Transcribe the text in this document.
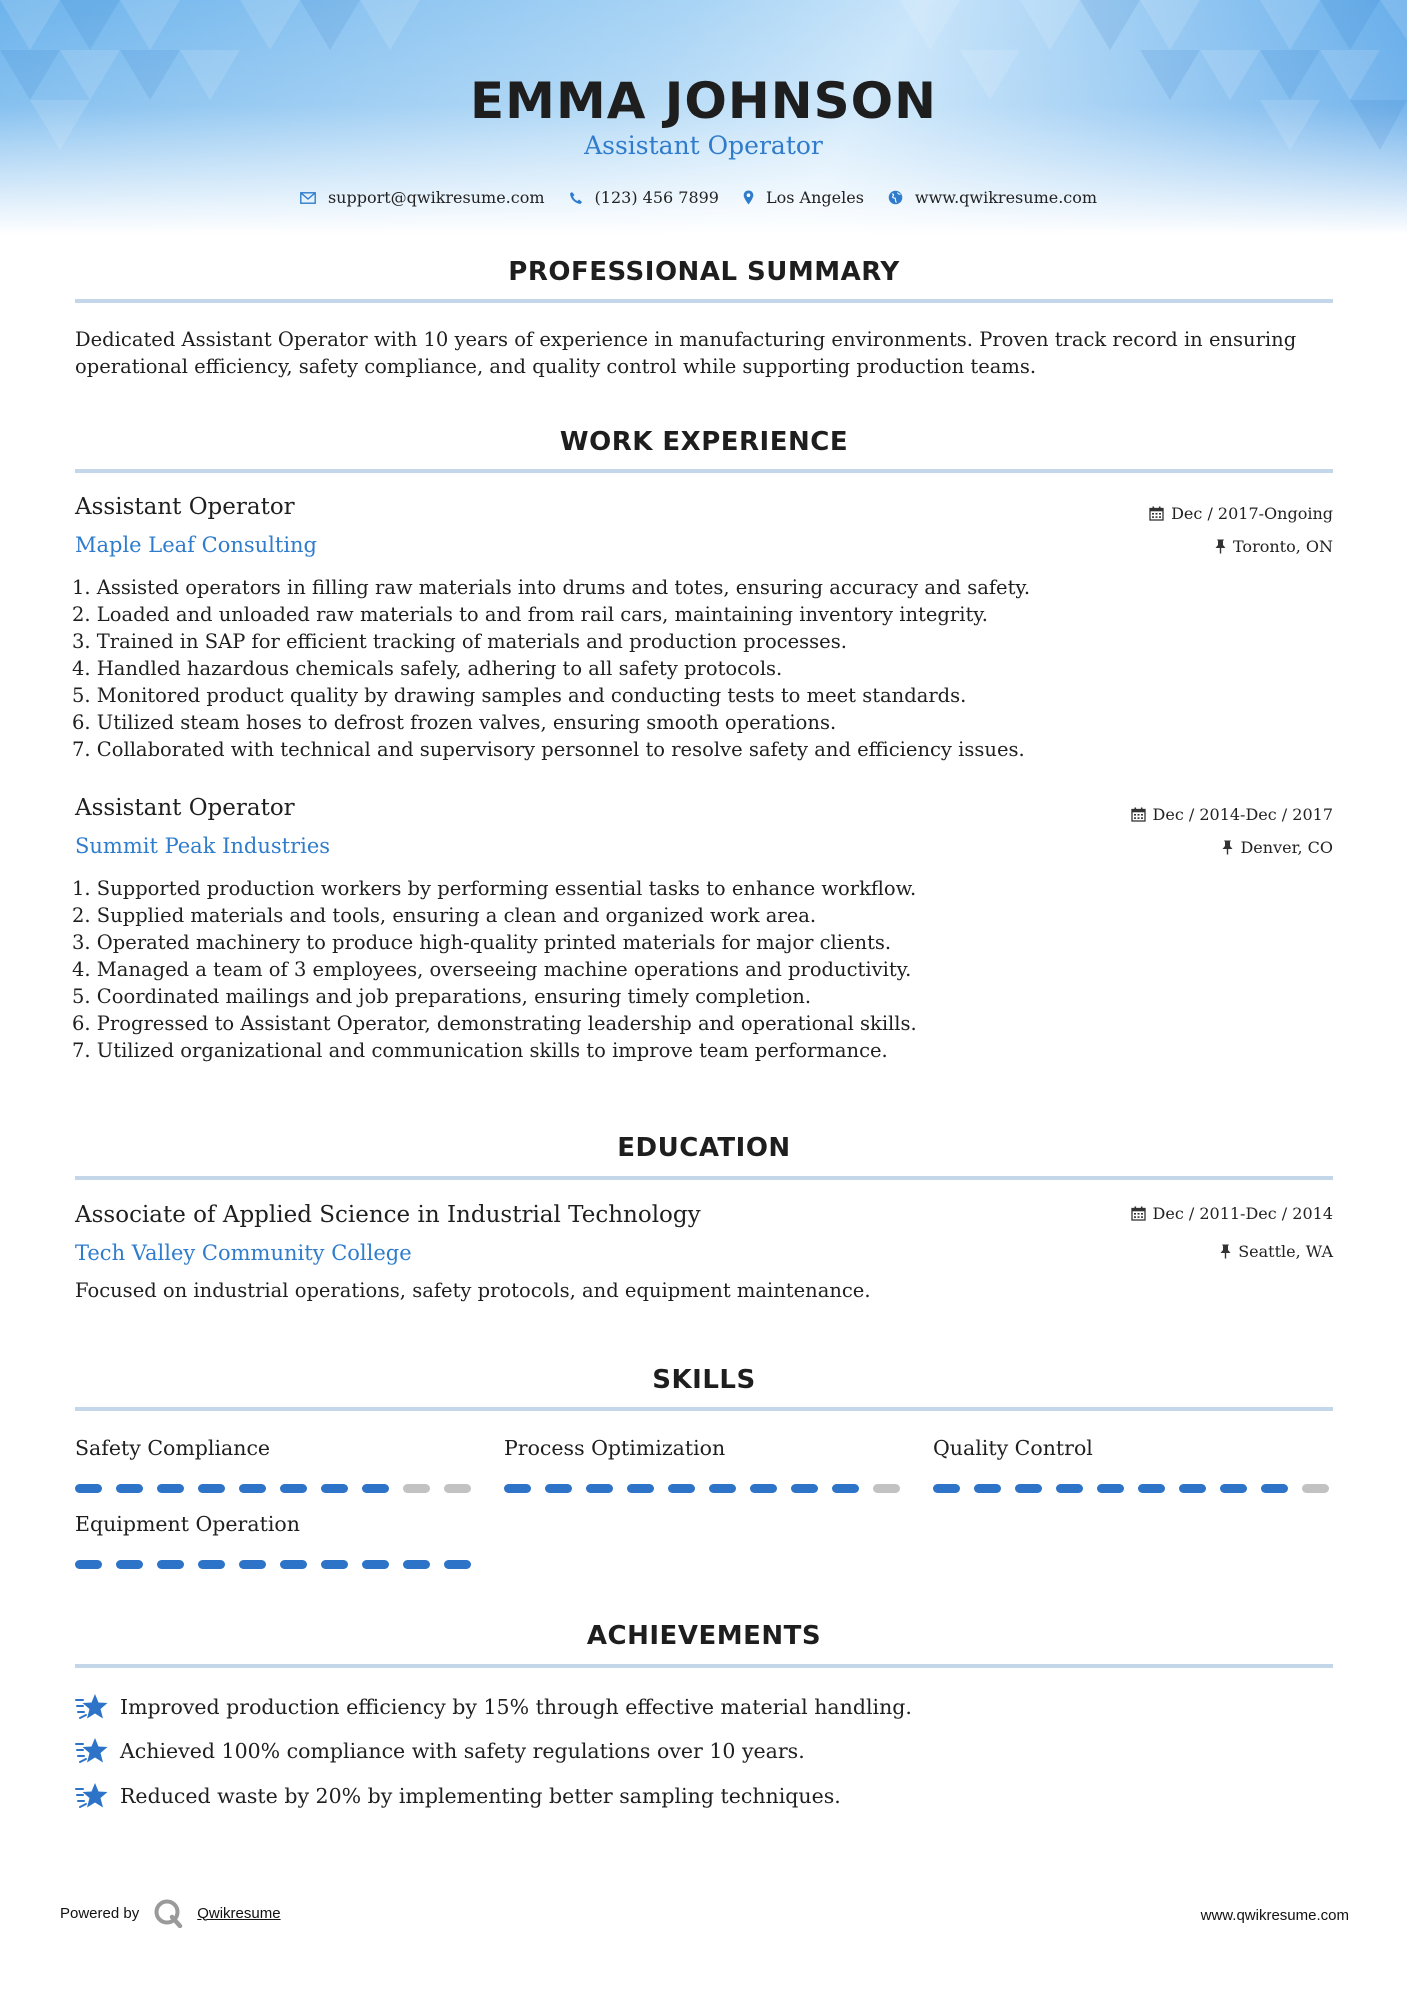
EMMA JOHNSON
Assistant Operator
support@qwikresume.com	(123) 456 7899	Los Angeles	www.qwikresume.com
PROFESSIONAL SUMMARY
Dedicated Assistant Operator with 10 years of experience in manufacturing environments. Proven track record in ensuring operational efficiency, safety compliance, and quality control while supporting production teams.
WORK EXPERIENCE
Assistant Operator
Maple Leaf Consulting
Dec / 2017-Ongoing
Toronto, ON
1. Assisted operators in filling raw materials into drums and totes, ensuring accuracy and safety.
2. Loaded and unloaded raw materials to and from rail cars, maintaining inventory integrity.
3. Trained in SAP for efficient tracking of materials and production processes.
4. Handled hazardous chemicals safely, adhering to all safety protocols.
5. Monitored product quality by drawing samples and conducting tests to meet standards.
6. Utilized steam hoses to defrost frozen valves, ensuring smooth operations.
7. Collaborated with technical and supervisory personnel to resolve safety and efficiency issues.
Assistant Operator
Summit Peak Industries
Dec / 2014-Dec / 2017
Denver, CO
1. Supported production workers by performing essential tasks to enhance workflow.
2. Supplied materials and tools, ensuring a clean and organized work area.
3. Operated machinery to produce high-quality printed materials for major clients.
4. Managed a team of 3 employees, overseeing machine operations and productivity.
5. Coordinated mailings and job preparations, ensuring timely completion.
6. Progressed to Assistant Operator, demonstrating leadership and operational skills.
7. Utilized organizational and communication skills to improve team performance.
EDUCATION
Associate of Applied Science in Industrial Technology
Tech Valley Community College
Dec / 2011-Dec / 2014
Seattle, WA
Focused on industrial operations, safety protocols, and equipment maintenance.
SKILLS
Safety Compliance	Process Optimization	Quality Control
Equipment Operation
ACHIEVEMENTS
Improved production efficiency by 15% through effective material handling.
Achieved 100% compliance with safety regulations over 10 years.
Reduced waste by 20% by implementing better sampling techniques.
Powered by	Qwikresume	www.qwikresume.com
